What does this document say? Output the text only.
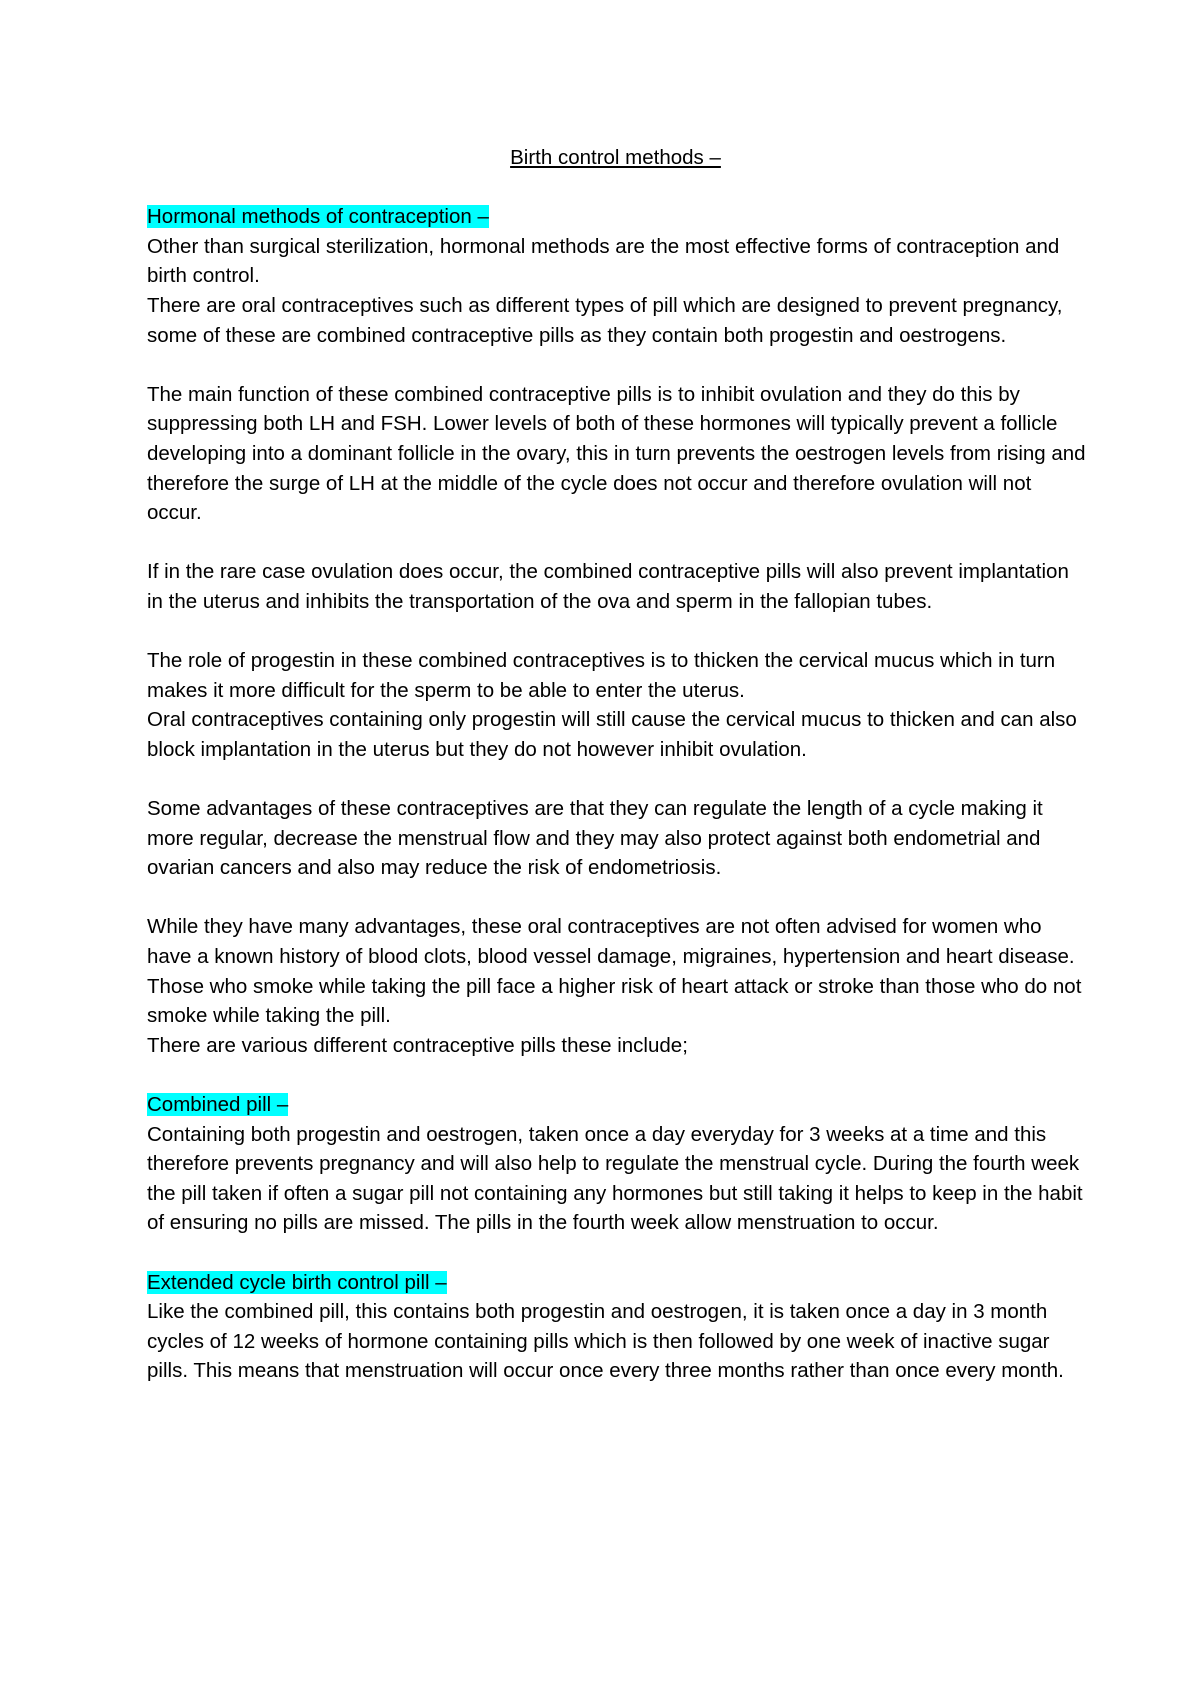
Birth control methods –
Hormonal methods of contraception –

Other than surgical sterilization, hormonal methods are the most effective forms of contraception and birth control.

There are oral contraceptives such as different types of pill which are designed to prevent pregnancy, some of these are combined contraceptive pills as they contain both progestin and oestrogens.

The main function of these combined contraceptive pills is to inhibit ovulation and they do this by suppressing both LH and FSH. Lower levels of both of these hormones will typically prevent a follicle developing into a dominant follicle in the ovary, this in turn prevents the oestrogen levels from rising and therefore the surge of LH at the middle of the cycle does not occur and therefore ovulation will not occur.

If in the rare case ovulation does occur, the combined contraceptive pills will also prevent implantation in the uterus and inhibits the transportation of the ova and sperm in the fallopian tubes.

The role of progestin in these combined contraceptives is to thicken the cervical mucus which in turn makes it more difficult for the sperm to be able to enter the uterus.

Oral contraceptives containing only progestin will still cause the cervical mucus to thicken and can also block implantation in the uterus but they do not however inhibit ovulation.

Some advantages of these contraceptives are that they can regulate the length of a cycle making it more regular, decrease the menstrual flow and they may also protect against both endometrial and ovarian cancers and also may reduce the risk of endometriosis.

While they have many advantages, these oral contraceptives are not often advised for women who have a known history of blood clots, blood vessel damage, migraines, hypertension and heart disease. Those who smoke while taking the pill face a higher risk of heart attack or stroke than those who do not smoke while taking the pill.

There are various different contraceptive pills these include;

Combined pill –

Containing both progestin and oestrogen, taken once a day everyday for 3 weeks at a time and this therefore prevents pregnancy and will also help to regulate the menstrual cycle. During the fourth week the pill taken if often a sugar pill not containing any hormones but still taking it helps to keep in the habit of ensuring no pills are missed. The pills in the fourth week allow menstruation to occur.

Extended cycle birth control pill –

Like the combined pill, this contains both progestin and oestrogen, it is taken once a day in 3 month cycles of 12 weeks of hormone containing pills which is then followed by one week of inactive sugar pills. This means that menstruation will occur once every three months rather than once every month.
